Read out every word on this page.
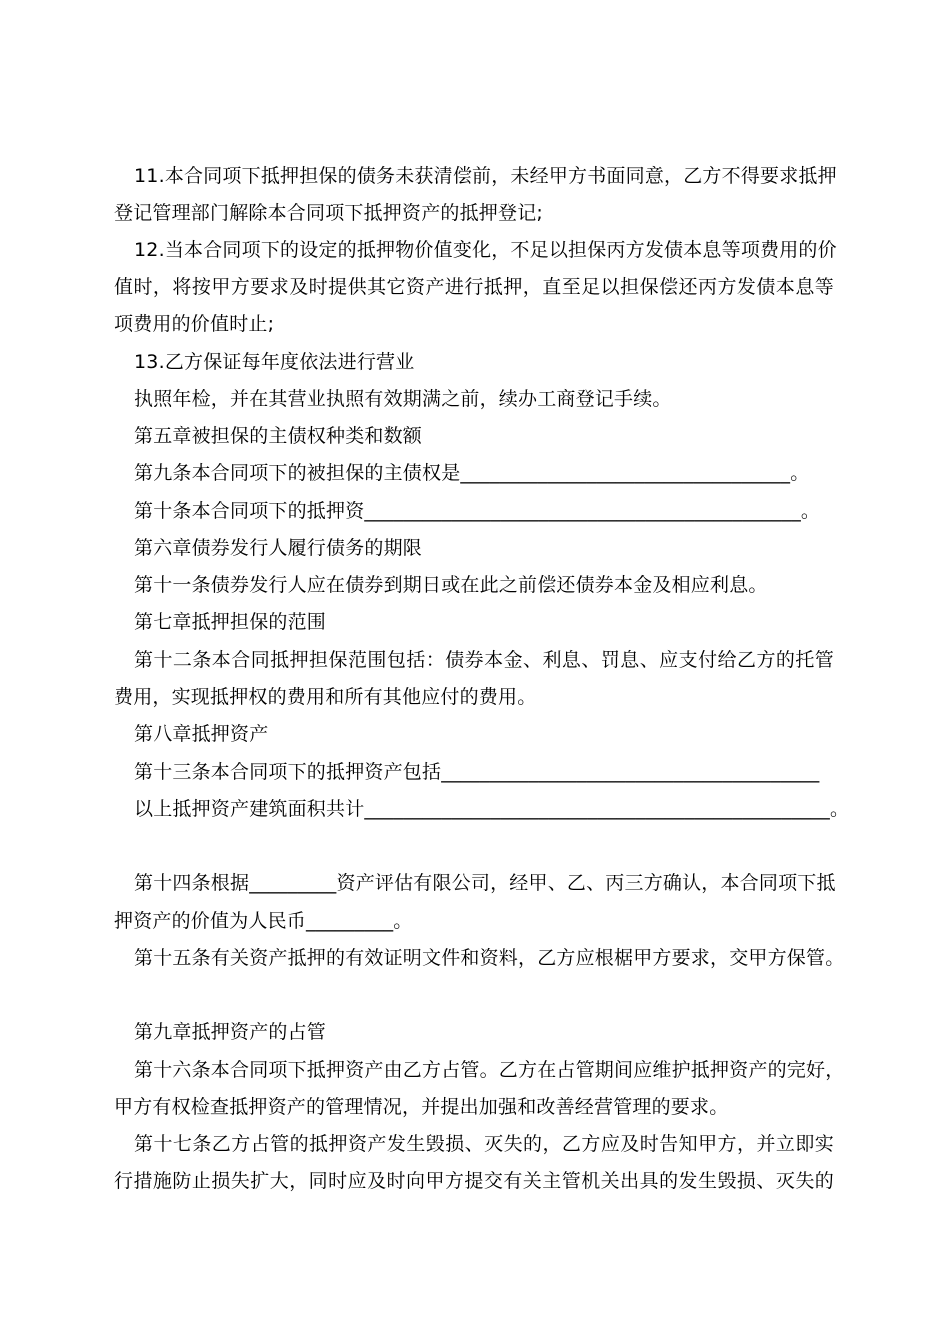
11.本合同项下抵押担保的债务未获清偿前，未经甲方书面同意，乙方不得要求抵押
登记管理部门解除本合同项下抵押资产的抵押登记;
12.当本合同项下的设定的抵押物价值变化，不足以担保丙方发债本息等项费用的价
值时，将按甲方要求及时提供其它资产进行抵押，直至足以担保偿还丙方发债本息等
项费用的价值时止;
13.乙方保证每年度依法进行营业
执照年检，并在其营业执照有效期满之前，续办工商登记手续。
第五章被担保的主债权种类和数额
第九条本合同项下的被担保的主债权是__________________________________。
第十条本合同项下的抵押资_____________________________________________。
第六章债券发行人履行债务的期限
第十一条债券发行人应在债券到期日或在此之前偿还债券本金及相应利息。
第七章抵押担保的范围
第十二条本合同抵押担保范围包括：债券本金、利息、罚息、应支付给乙方的托管
费用，实现抵押权的费用和所有其他应付的费用。
第八章抵押资产
第十三条本合同项下的抵押资产包括_______________________________________
以上抵押资产建筑面积共计________________________________________________。
第十四条根据_________资产评估有限公司，经甲、乙、丙三方确认，本合同项下抵
押资产的价值为人民币_________。
第十五条有关资产抵押的有效证明文件和资料，乙方应根椐甲方要求，交甲方保管。
第九章抵押资产的占管
第十六条本合同项下抵押资产由乙方占管。乙方在占管期间应维护抵押资产的完好，
甲方有权检查抵押资产的管理情况，并提出加强和改善经营管理的要求。
第十七条乙方占管的抵押资产发生毁损、灭失的，乙方应及时告知甲方，并立即实
行措施防止损失扩大，同时应及时向甲方提交有关主管机关出具的发生毁损、灭失的
